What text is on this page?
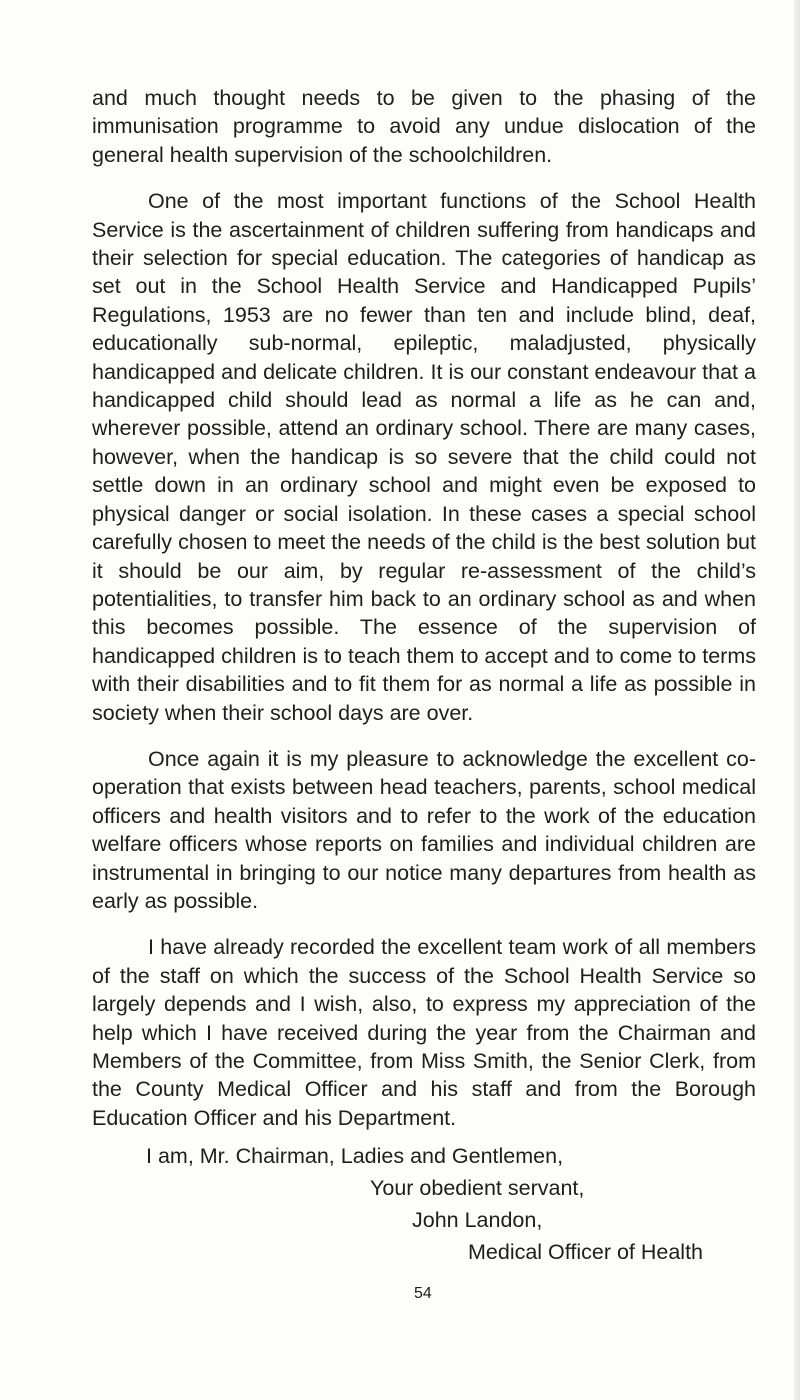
and much thought needs to be given to the phasing of the immunisation programme to avoid any undue dislocation of the general health supervision of the schoolchildren.

One of the most important functions of the School Health Service is the ascertainment of children suffering from handicaps and their selection for special education. The categories of handicap as set out in the School Health Service and Handicapped Pupils’ Regulations, 1953 are no fewer than ten and include blind, deaf, educationally sub-normal, epileptic, maladjusted, physically handicapped and delicate children. It is our constant endeavour that a handicapped child should lead as normal a life as he can and, wherever possible, attend an ordinary school. There are many cases, however, when the handicap is so severe that the child could not settle down in an ordinary school and might even be exposed to physical danger or social isolation. In these cases a special school carefully chosen to meet the needs of the child is the best solution but it should be our aim, by regular re-assessment of the child’s potentialities, to transfer him back to an ordinary school as and when this becomes possible. The essence of the supervision of handicapped children is to teach them to accept and to come to terms with their disabilities and to fit them for as normal a life as possible in society when their school days are over.

Once again it is my pleasure to acknowledge the excellent co-operation that exists between head teachers, parents, school medical officers and health visitors and to refer to the work of the education welfare officers whose reports on families and individual children are instrumental in bringing to our notice many departures from health as early as possible.

I have already recorded the excellent team work of all members of the staff on which the success of the School Health Service so largely depends and I wish, also, to express my appreciation of the help which I have received during the year from the Chairman and Members of the Committee, from Miss Smith, the Senior Clerk, from the County Medical Officer and his staff and from the Borough Education Officer and his Department.

I am, Mr. Chairman, Ladies and Gentlemen,
Your obedient servant,
John Landon,
Medical Officer of Health
54
